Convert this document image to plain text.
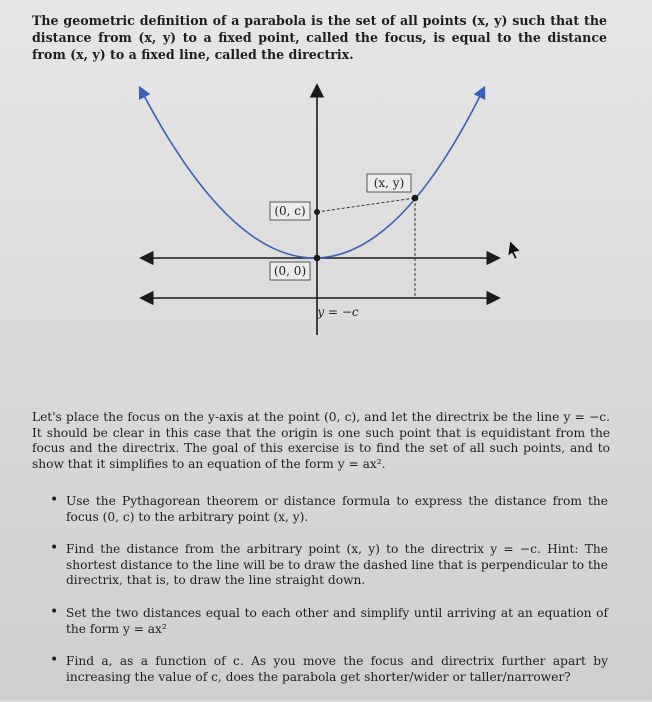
The geometric definition of a parabola is the set of all points (x, y) such that the distance from (x, y) to a fixed point, called the focus, is equal to the distance from (x, y) to a fixed line, called the directrix.
(x, y)
(0, c)
(0, 0)
y = −c
Let's place the focus on the y-axis at the point (0, c), and let the directrix be the line y = −c. It should be clear in this case that the origin is one such point that is equidistant from the focus and the directrix. The goal of this exercise is to find the set of all such points, and to show that it simplifies to an equation of the form y = ax².
• Use the Pythagorean theorem or distance formula to express the distance from the focus (0, c) to the arbitrary point (x, y).
• Find the distance from the arbitrary point (x, y) to the directrix y = −c. Hint: The shortest distance to the line will be to draw the dashed line that is perpendicular to the directrix, that is, to draw the line straight down.
• Set the two distances equal to each other and simplify until arriving at an equation of the form y = ax²
• Find a, as a function of c. As you move the focus and directrix further apart by increasing the value of c, does the parabola get shorter/wider or taller/narrower?
